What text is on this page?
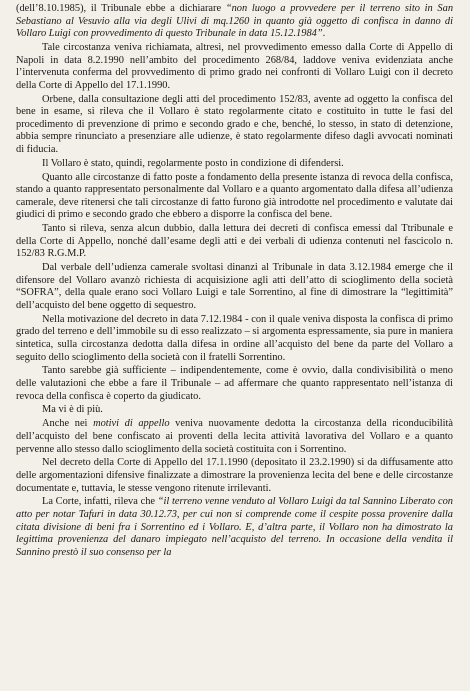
(dell’8.10.1985), il Tribunale ebbe a dichiarare “non luogo a provvedere per il terreno sito in San Sebastiano al Vesuvio alla via degli Ulivi di mq.1260 in quanto già oggetto di confisca in danno di Vollaro Luigi con provvedimento di questo Tribunale in data 15.12.1984”.

Tale circostanza veniva richiamata, altresì, nel provvedimento emesso dalla Corte di Appello di Napoli in data 8.2.1990 nell’ambito del procedimento 268/84, laddove veniva evidenziata anche l’intervenuta conferma del provvedimento di primo grado nei confronti di Vollaro Luigi con il decreto della Corte di Appello del 17.1.1990.

Orbene, dalla consultazione degli atti del procedimento 152/83, avente ad oggetto la confisca del bene in esame, si rileva che il Vollaro è stato regolarmente citato e costituito in tutte le fasi del procedimento di prevenzione di primo e secondo grado e che, benché, lo stesso, in stato di detenzione, abbia sempre rinunciato a presenziare alle udienze, è stato regolarmente difeso dagli avvocati nominati di fiducia.

Il Vollaro è stato, quindi, regolarmente posto in condizione di difendersi.

Quanto alle circostanze di fatto poste a fondamento della presente istanza di revoca della confisca, stando a quanto rappresentato personalmente dal Vollaro e a quanto argomentato dalla difesa all’udienza camerale, deve ritenersi che tali circostanze di fatto furono già introdotte nel procedimento e valutate dai giudici di primo e secondo grado che ebbero a disporre la confisca del bene.

Tanto si rileva, senza alcun dubbio, dalla lettura dei decreti di confisca emessi dal Ttribunale e della Corte di Appello, nonché dall’esame degli atti e dei verbali di udienza contenuti nel fascicolo n. 152/83 R.G.M.P.

Dal verbale dell’udienza camerale svoltasi dinanzi al Tribunale in data 3.12.1984 emerge che il difensore del Vollaro avanzò richiesta di acquisizione agli atti dell’atto di scioglimento della società “SOFRA”, della quale erano soci Vollaro Luigi e tale Sorrentino, al fine di dimostrare la “legittimità” dell’acquisto del bene oggetto di sequestro.

Nella motivazione del decreto in data 7.12.1984 - con il quale veniva disposta la confisca di primo grado del terreno e dell’immobile su di esso realizzato – si argomenta espressamente, sia pure in maniera sintetica, sulla circostanza dedotta dalla difesa in ordine all’acquisto del bene da parte del Vollaro a seguito dello scioglimento della società con il fratelli Sorrentino.

Tanto sarebbe già sufficiente – indipendentemente, come è ovvio, dalla condivisibilità o meno delle valutazioni che ebbe a fare il Tribunale – ad affermare che quanto rappresentato nell’istanza di revoca della confisca è coperto da giudicato.

Ma vi è di più.

Anche nei motivi di appello veniva nuovamente dedotta la circostanza della riconducibilità dell’acquisto del bene confiscato ai proventi della lecita attività lavorativa del Vollaro e a quanto pervenne allo stesso dallo scioglimento della società costituita con i Sorrentino.

Nel decreto della Corte di Appello del 17.1.1990 (depositato il 23.2.1990) si da diffusamente atto delle argomentazioni difensive finalizzate a dimostrare la provenienza lecita del bene e delle circostanze documentate e, tuttavia, le stesse vengono ritenute irrilevanti.

La Corte, infatti, rileva che “il terreno venne venduto al Vollaro Luigi da tal Sannino Liberato con atto per notar Tafuri in data 30.12.73, per cui non si comprende come il cespite possa provenire dalla citata divisione di beni fra i Sorrentino ed i Vollaro. E, d’altra parte, il Vollaro non ha dimostrato la legittima provenienza del danaro impiegato nell’acquisto del terreno. In occasione della vendita il Sannino prestò il suo consenso per la
